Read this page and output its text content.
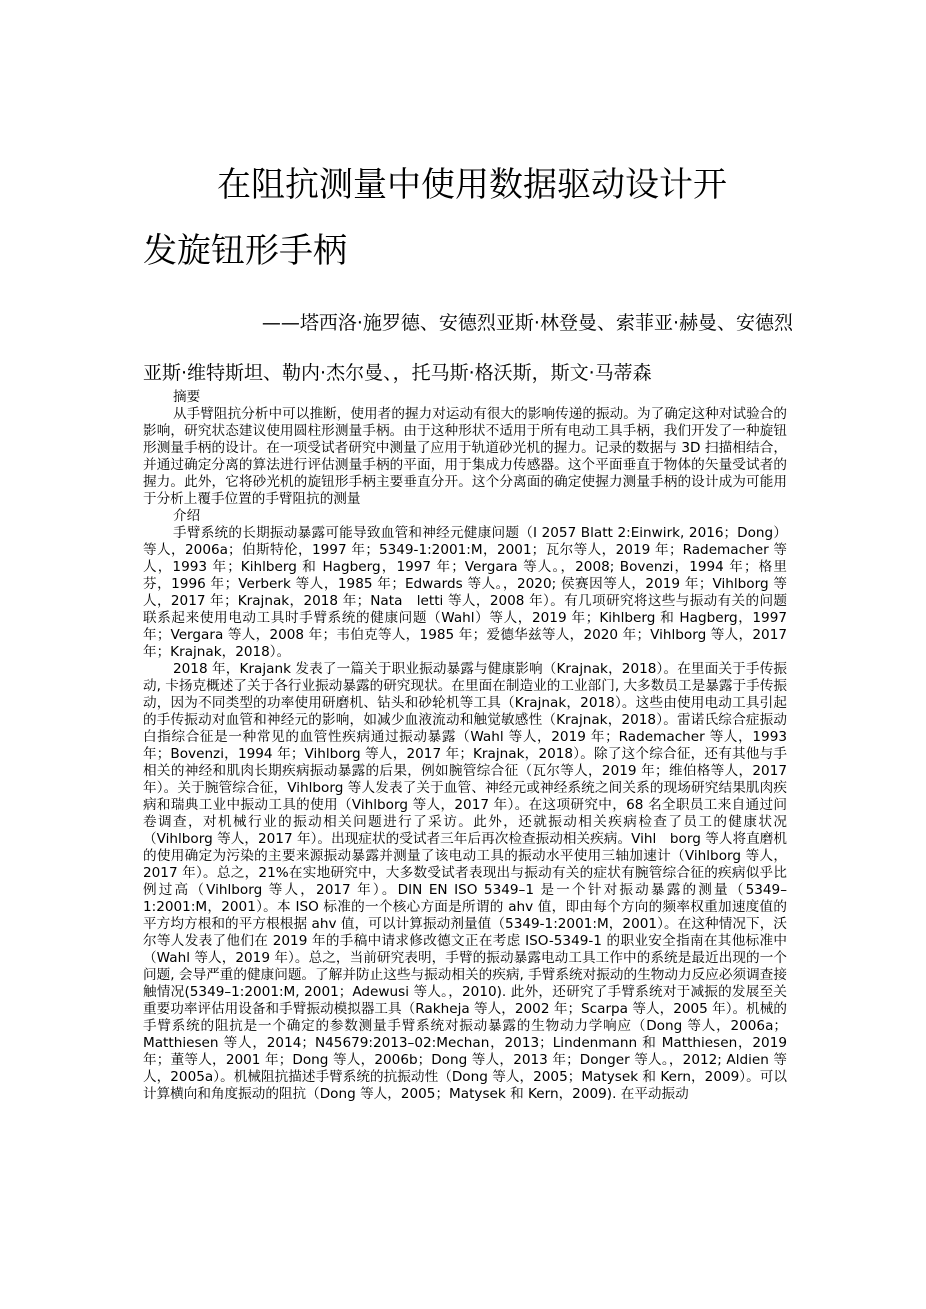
在阻抗测量中使用数据驱动设计开
发旋钮形手柄
——塔西洛·施罗德、安德烈亚斯·林登曼、索菲亚·赫曼、安德烈
亚斯·维特斯坦、勒内·杰尔曼、，托马斯·格沃斯，斯文·马蒂森
摘要

从手臂阻抗分析中可以推断，使用者的握力对运动有很大的影响传递的振动。为了确定这种对试验合的影响，研究状态建议使用圆柱形测量手柄。由于这种形状不适用于所有电动工具手柄，我们开发了一种旋钮形测量手柄的设计。在一项受试者研究中测量了应用于轨道砂光机的握力。记录的数据与 3D 扫描相结合，并通过确定分离的算法进行评估测量手柄的平面，用于集成力传感器。这个平面垂直于物体的矢量受试者的握力。此外，它将砂光机的旋钮形手柄主要垂直分开。这个分离面的确定使握力测量手柄的设计成为可能用于分析上覆手位置的手臂阻抗的测量

介绍

手臂系统的长期振动暴露可能导致血管和神经元健康问题（I 2057 Blatt 2:Einwirk, 2016；Dong）等人，2006a；伯斯特伦，1997 年；5349-1:2001:M，2001；瓦尔等人，2019 年；Rademacher 等人，1993 年；Kihlberg 和 Hagberg，1997 年；Vergara 等人。，2008; Bovenzi，1994 年；格里芬，1996 年；Verberk 等人，1985 年；Edwards 等人。，2020; 侯赛因等人，2019 年；Vihlborg 等人，2017 年；Krajnak，2018 年；Nata　letti 等人，2008 年）。有几项研究将这些与振动有关的问题联系起来使用电动工具时手臂系统的健康问题（Wahl）等人，2019 年；Kihlberg 和 Hagberg，1997 年；Vergara 等人，2008 年；韦伯克等人，1985 年；爱德华兹等人，2020 年；Vihlborg 等人，2017 年；Krajnak，2018）。

2018 年，Krajank 发表了一篇关于职业振动暴露与健康影响（Krajnak，2018）。在里面关于手传振动, 卡扬克概述了关于各行业振动暴露的研究现状。在里面在制造业的工业部门, 大多数员工是暴露于手传振动，因为不同类型的功率使用研磨机、钻头和砂轮机等工具（Krajnak，2018）。这些由使用电动工具引起的手传振动对血管和神经元的影响，如减少血液流动和触觉敏感性（Krajnak，2018）。雷诺氏综合症振动白指综合征是一种常见的血管性疾病通过振动暴露（Wahl 等人，2019 年；Rademacher 等人，1993 年；Bovenzi，1994 年；Vihlborg 等人，2017 年；Krajnak，2018）。除了这个综合征，还有其他与手相关的神经和肌肉长期疾病振动暴露的后果，例如腕管综合征（瓦尔等人，2019 年；维伯格等人，2017 年）。关于腕管综合征，Vihlborg 等人发表了关于血管、神经元或神经系统之间关系的现场研究结果肌肉疾病和瑞典工业中振动工具的使用（Vihlborg 等人，2017 年）。在这项研究中，68 名全职员工来自通过问卷调查，对机械行业的振动相关问题进行了采访。此外，还就振动相关疾病检查了员工的健康状况（Vihlborg 等人，2017 年）。出现症状的受试者三年后再次检查振动相关疾病。Vihl　borg 等人将直磨机的使用确定为污染的主要来源振动暴露并测量了该电动工具的振动水平使用三轴加速计（Vihlborg 等人，2017 年）。总之，21%在实地研究中，大多数受试者表现出与振动有关的症状有腕管综合征的疾病似乎比例过高（Vihlborg 等人，2017 年）。DIN EN ISO 5349–1 是一个针对振动暴露的测量（5349–1:2001:M，2001）。本 ISO 标准的一个核心方面是所谓的 ahv 值，即由每个方向的频率权重加速度值的平方均方根和的平方根根据 ahv 值，可以计算振动剂量值（5349-1:2001:M，2001）。在这种情况下，沃尔等人发表了他们在 2019 年的手稿中请求修改德文正在考虑 ISO-5349-1 的职业安全指南在其他标准中（Wahl 等人，2019 年）。总之，当前研究表明，手臂的振动暴露电动工具工作中的系统是最近出现的一个问题, 会导严重的健康问题。了解并防止这些与振动相关的疾病, 手臂系统对振动的生物动力反应必须调查接触情况(5349–1:2001:M, 2001；Adewusi 等人。，2010). 此外，还研究了手臂系统对于减振的发展至关重要功率评估用设备和手臂振动模拟器工具（Rakheja 等人，2002 年；Scarpa 等人，2005 年）。机械的手臂系统的阻抗是一个确定的参数测量手臂系统对振动暴露的生物动力学响应（Dong 等人，2006a；Matthiesen 等人，2014；N45679:2013–02:Mechan，2013；Lindenmann 和 Matthiesen，2019 年；董等人，2001 年；Dong 等人，2006b；Dong 等人，2013 年；Donger 等人。，2012; Aldien 等人，2005a）。机械阻抗描述手臂系统的抗振动性（Dong 等人，2005；Matysek 和 Kern，2009）。可以计算横向和角度振动的阻抗（Dong 等人，2005；Matysek 和 Kern，2009). 在平动振动
